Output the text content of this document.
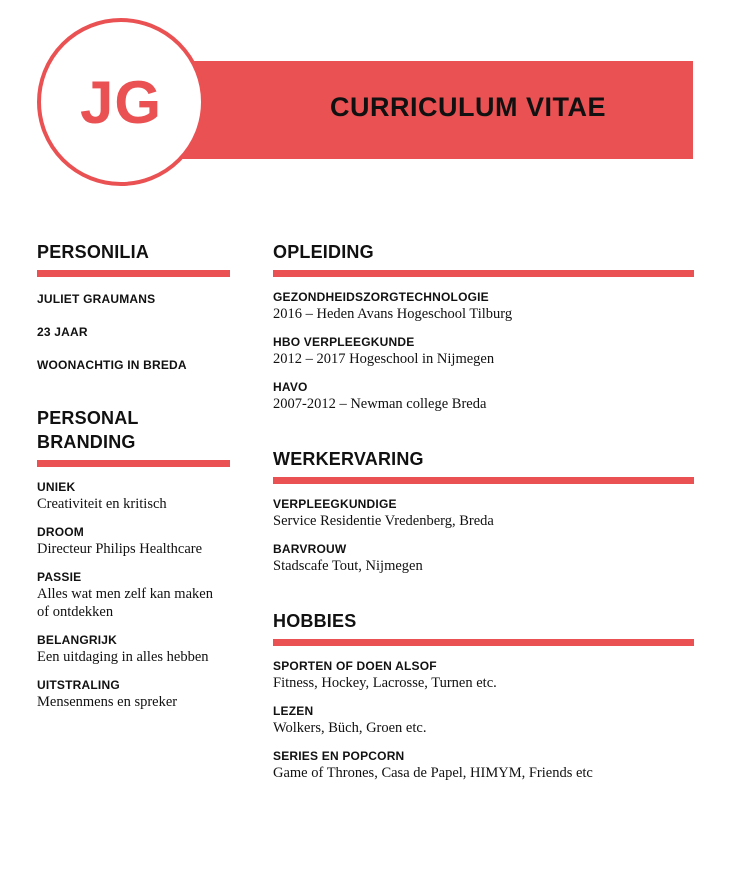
CURRICULUM VITAE
JG
PERSONILIA
JULIET GRAUMANS
23 JAAR
WOONACHTIG IN BREDA
PERSONAL
BRANDING
UNIEK
Creativiteit en kritisch
DROOM
Directeur Philips Healthcare
PASSIE
Alles wat men zelf kan maken
of ontdekken
BELANGRIJK
Een uitdaging in alles hebben
UITSTRALING
Mensenmens en spreker
OPLEIDING
GEZONDHEIDSZORGTECHNOLOGIE
2016 – Heden Avans Hogeschool Tilburg
HBO VERPLEEGKUNDE
2012 – 2017 Hogeschool in Nijmegen
HAVO
2007-2012 – Newman college Breda
WERKERVARING
VERPLEEGKUNDIGE
Service Residentie Vredenberg, Breda
BARVROUW
Stadscafe Tout, Nijmegen
HOBBIES
SPORTEN OF DOEN ALSOF
Fitness, Hockey, Lacrosse, Turnen etc.
LEZEN
Wolkers, Büch, Groen etc.
SERIES EN POPCORN
Game of Thrones, Casa de Papel, HIMYM, Friends etc
